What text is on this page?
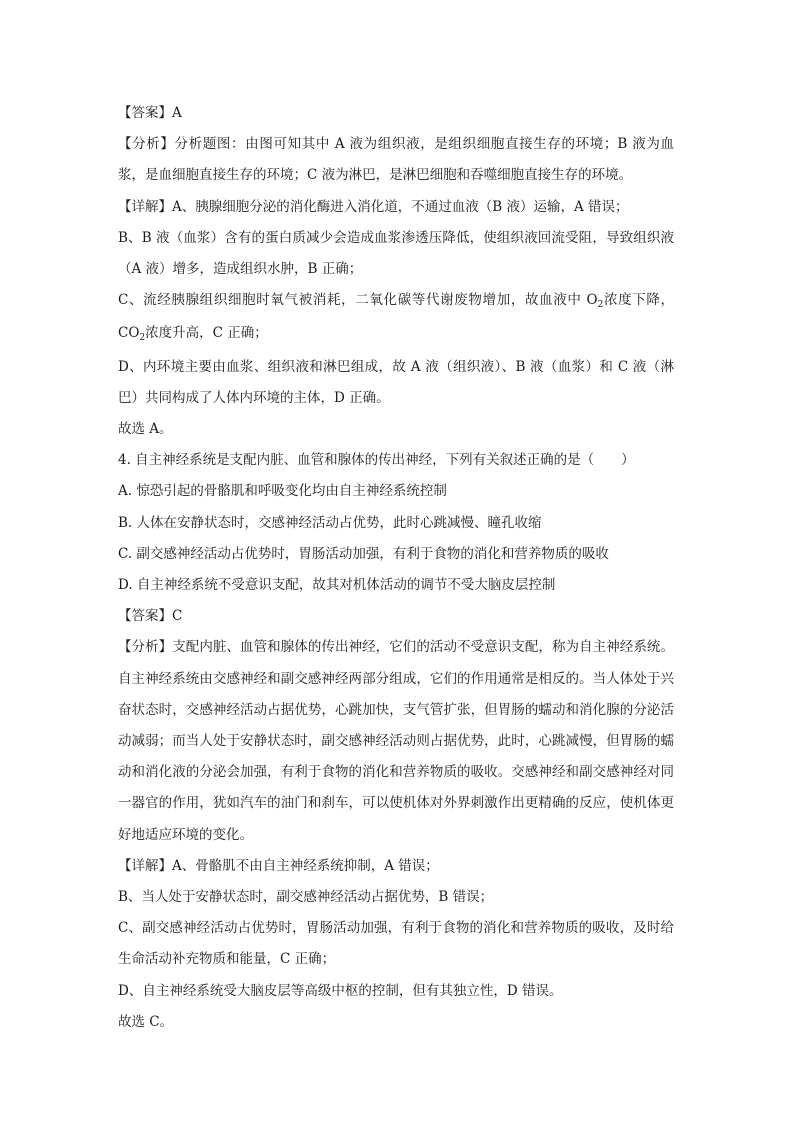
【答案】A

【分析】分析题图：由图可知其中 A 液为组织液，是组织细胞直接生存的环境；B 液为血浆，是血细胞直接生存的环境；C 液为淋巴，是淋巴细胞和吞噬细胞直接生存的环境。

【详解】A、胰腺细胞分泌的消化酶进入消化道，不通过血液（B 液）运输，A 错误；

B、B 液（血浆）含有的蛋白质减少会造成血浆渗透压降低，使组织液回流受阻，导致组织液（A 液）增多，造成组织水肿，B 正确；

C、流经胰腺组织细胞时氧气被消耗，二氧化碳等代谢废物增加，故血液中 $O_2$浓度下降，$CO_2$浓度升高，C 正确；

D、内环境主要由血浆、组织液和淋巴组成，故 A 液（组织液）、B 液（血浆）和 C 液（淋巴）共同构成了人体内环境的主体，D 正确。

故选 A。

4. 自主神经系统是支配内脏、血管和腺体的传出神经，下列有关叙述正确的是（　　）

A. 惊恐引起的骨骼肌和呼吸变化均由自主神经系统控制

B. 人体在安静状态时，交感神经活动占优势，此时心跳减慢、瞳孔收缩

C. 副交感神经活动占优势时，胃肠活动加强，有利于食物的消化和营养物质的吸收

D. 自主神经系统不受意识支配，故其对机体活动的调节不受大脑皮层控制

【答案】C

【分析】支配内脏、血管和腺体的传出神经，它们的活动不受意识支配，称为自主神经系统。自主神经系统由交感神经和副交感神经两部分组成，它们的作用通常是相反的。当人体处于兴奋状态时，交感神经活动占据优势，心跳加快，支气管扩张，但胃肠的蠕动和消化腺的分泌活动减弱；而当人处于安静状态时，副交感神经活动则占据优势，此时，心跳减慢，但胃肠的蠕动和消化液的分泌会加强，有利于食物的消化和营养物质的吸收。交感神经和副交感神经对同一器官的作用，犹如汽车的油门和刹车，可以使机体对外界刺激作出更精确的反应，使机体更好地适应环境的变化。

【详解】A、骨骼肌不由自主神经系统抑制，A 错误；

B、当人处于安静状态时，副交感神经活动占据优势，B 错误；

C、副交感神经活动占优势时，胃肠活动加强，有利于食物的消化和营养物质的吸收，及时给生命活动补充物质和能量，C 正确；

D、自主神经系统受大脑皮层等高级中枢的控制，但有其独立性，D 错误。

故选 C。
